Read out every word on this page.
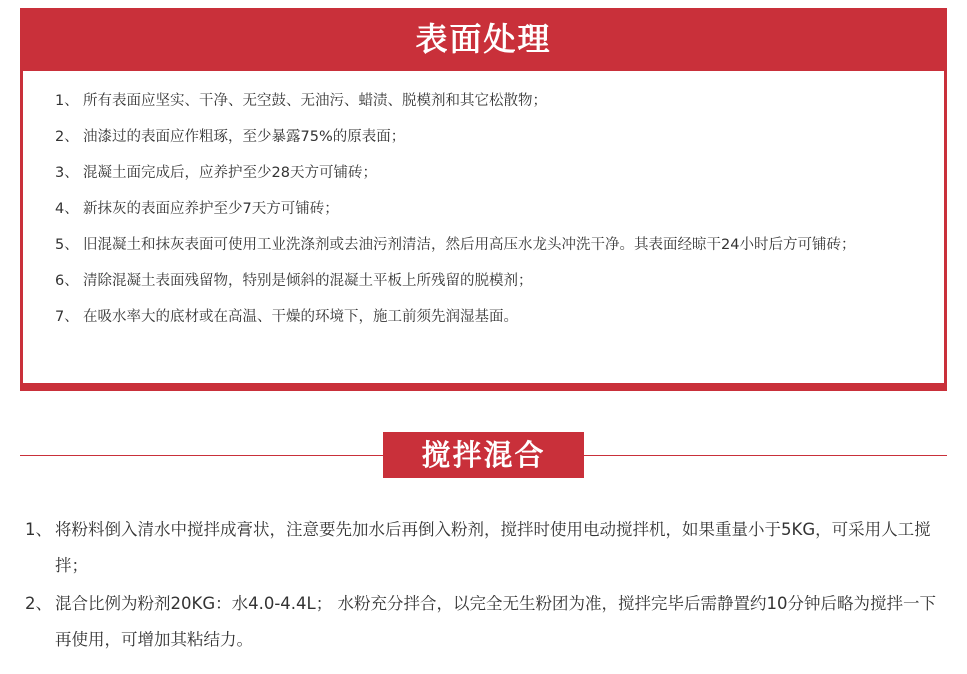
表面处理
1、 所有表面应坚实、干净、无空鼓、无油污、蜡渍、脱模剂和其它松散物；
2、 油漆过的表面应作粗琢，至少暴露75%的原表面；
3、 混凝土面完成后，应养护至少28天方可铺砖；
4、 新抹灰的表面应养护至少7天方可铺砖；
5、 旧混凝土和抹灰表面可使用工业洗涤剂或去油污剂清洁，然后用高压水龙头冲洗干净。其表面经晾干24小时后方可铺砖；
6、 清除混凝土表面残留物，特别是倾斜的混凝土平板上所残留的脱模剂；
7、 在吸水率大的底材或在高温、干燥的环境下，施工前须先润湿基面。
搅拌混合
1、 将粉料倒入清水中搅拌成膏状，注意要先加水后再倒入粉剂，搅拌时使用电动搅拌机，如果重量小于5KG，可采用人工搅拌；
2、 混合比例为粉剂20KG：水4.0-4.4L； 水粉充分拌合，以完全无生粉团为准，搅拌完毕后需静置约10分钟后略为搅拌一下再使用，可增加其粘结力。
